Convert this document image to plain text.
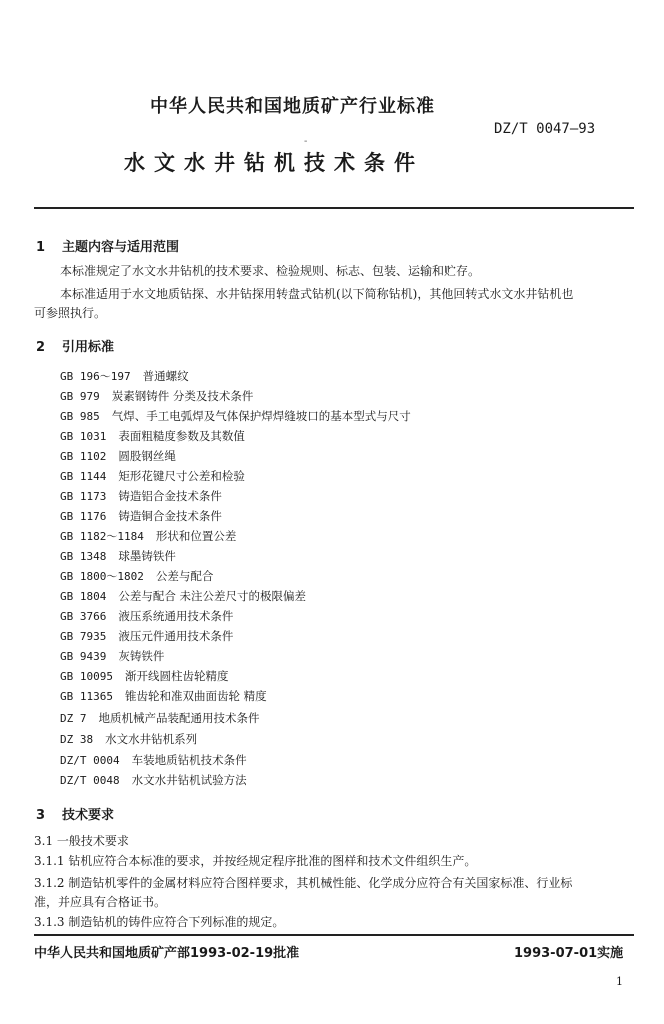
中华人民共和国地质矿产行业标准
-
DZ/T 0047—93
水文水井钻机技术条件
1 主题内容与适用范围
本标准规定了水文水井钻机的技术要求、检验规则、标志、包装、运输和贮存。
本标准适用于水文地质钻探、水井钻探用转盘式钻机(以下简称钻机)，其他回转式水文水井钻机也
可参照执行。
2 引用标准
GB 196～197 普通螺纹
GB 979 炭素钢铸件 分类及技术条件
GB 985 气焊、手工电弧焊及气体保护焊焊缝坡口的基本型式与尺寸
GB 1031 表面粗糙度参数及其数值
GB 1102 圆股钢丝绳
GB 1144 矩形花键尺寸公差和检验
GB 1173 铸造铝合金技术条件
GB 1176 铸造铜合金技术条件
GB 1182～1184 形状和位置公差
GB 1348 球墨铸铁件
GB 1800～1802 公差与配合
GB 1804 公差与配合 未注公差尺寸的极限偏差
GB 3766 液压系统通用技术条件
GB 7935 液压元件通用技术条件
GB 9439 灰铸铁件
GB 10095 渐开线圆柱齿轮精度
GB 11365 锥齿轮和准双曲面齿轮 精度
DZ 7 地质机械产品装配通用技术条件
DZ 38 水文水井钻机系列
DZ/T 0004 车装地质钻机技术条件
DZ/T 0048 水文水井钻机试验方法
3 技术要求
3.1 一般技术要求
3.1.1 钻机应符合本标准的要求，并按经规定程序批准的图样和技术文件组织生产。
3.1.2 制造钻机零件的金属材料应符合图样要求，其机械性能、化学成分应符合有关国家标准、行业标
准，并应具有合格证书。
3.1.3 制造钻机的铸件应符合下列标准的规定。
中华人民共和国地质矿产部1993-02-19批准	1993-07-01实施
1
